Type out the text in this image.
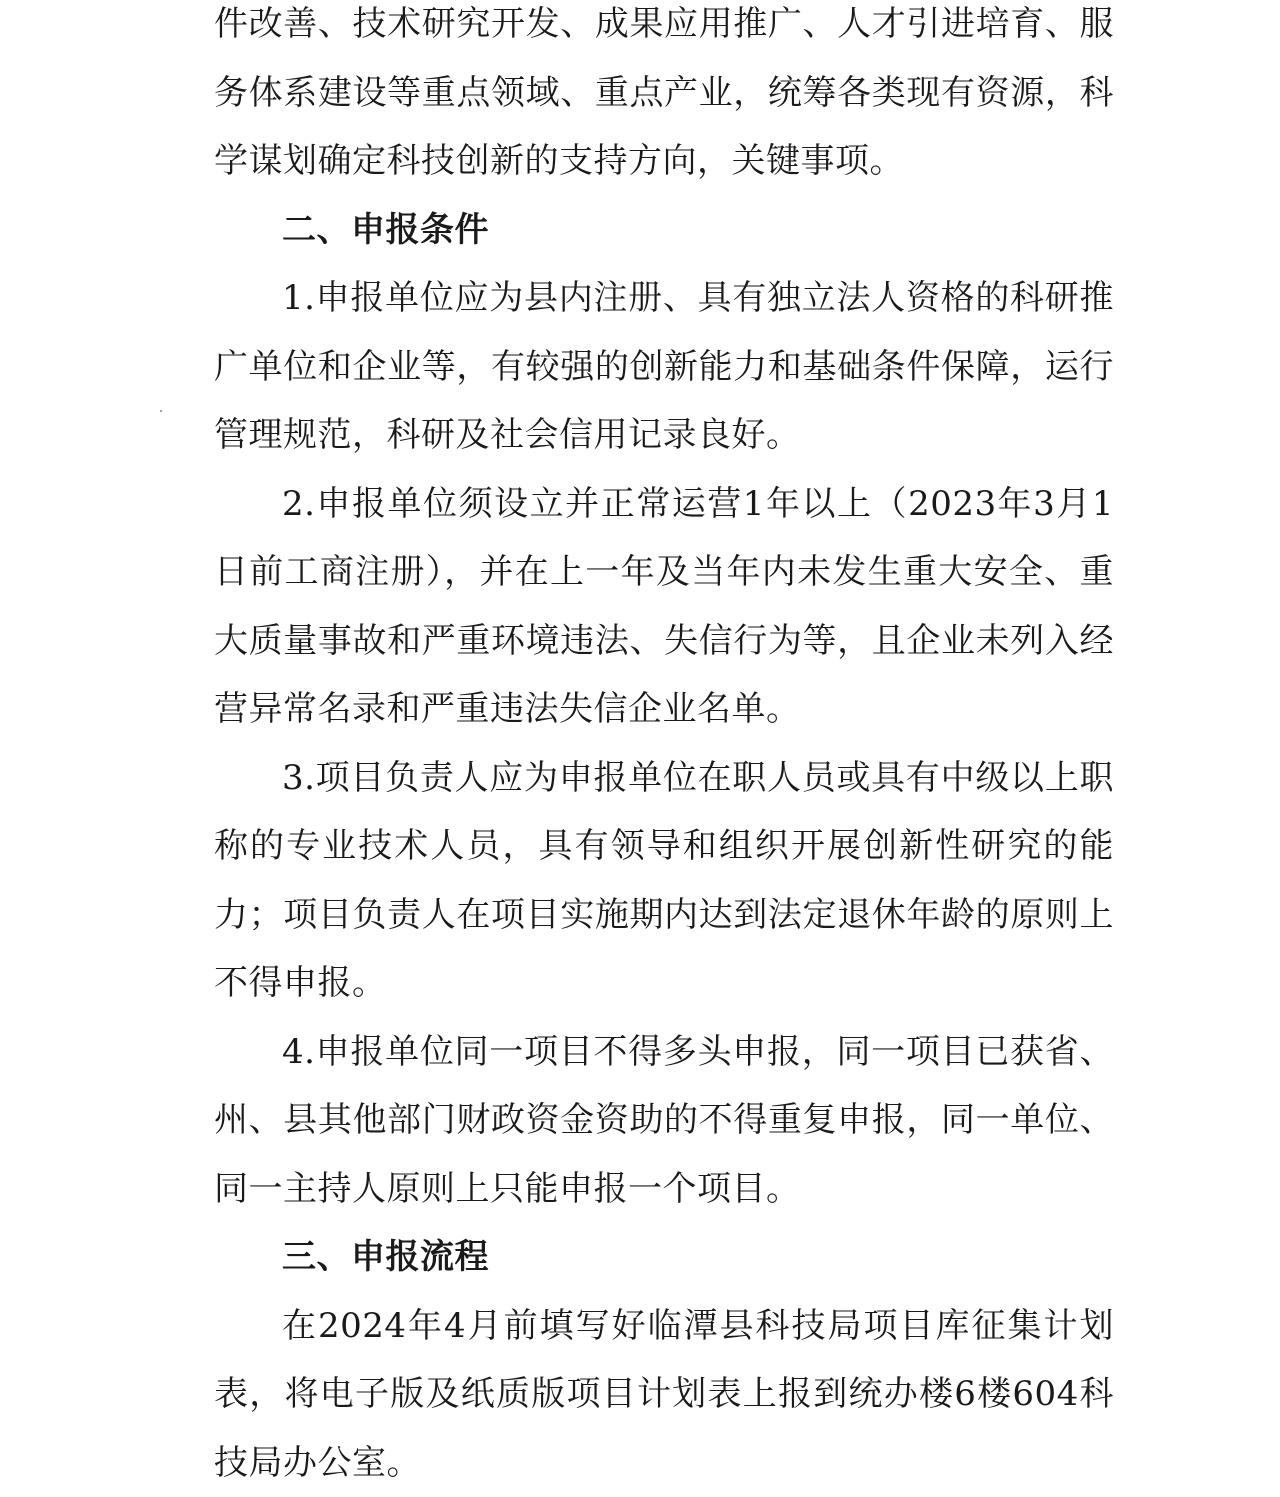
件改善、技术研究开发、成果应用推广、人才引进培育、服务体系建设等重点领域、重点产业，统筹各类现有资源，科学谋划确定科技创新的支持方向，关键事项。

二、申报条件

1.申报单位应为县内注册、具有独立法人资格的科研推广单位和企业等，有较强的创新能力和基础条件保障，运行管理规范，科研及社会信用记录良好。

2.申报单位须设立并正常运营1年以上（2023年3月1日前工商注册），并在上一年及当年内未发生重大安全、重大质量事故和严重环境违法、失信行为等，且企业未列入经营异常名录和严重违法失信企业名单。

3.项目负责人应为申报单位在职人员或具有中级以上职称的专业技术人员，具有领导和组织开展创新性研究的能力；项目负责人在项目实施期内达到法定退休年龄的原则上不得申报。

4.申报单位同一项目不得多头申报，同一项目已获省、州、县其他部门财政资金资助的不得重复申报，同一单位、同一主持人原则上只能申报一个项目。

三、申报流程

在2024年4月前填写好临潭县科技局项目库征集计划表，将电子版及纸质版项目计划表上报到统办楼6楼604科技局办公室。
